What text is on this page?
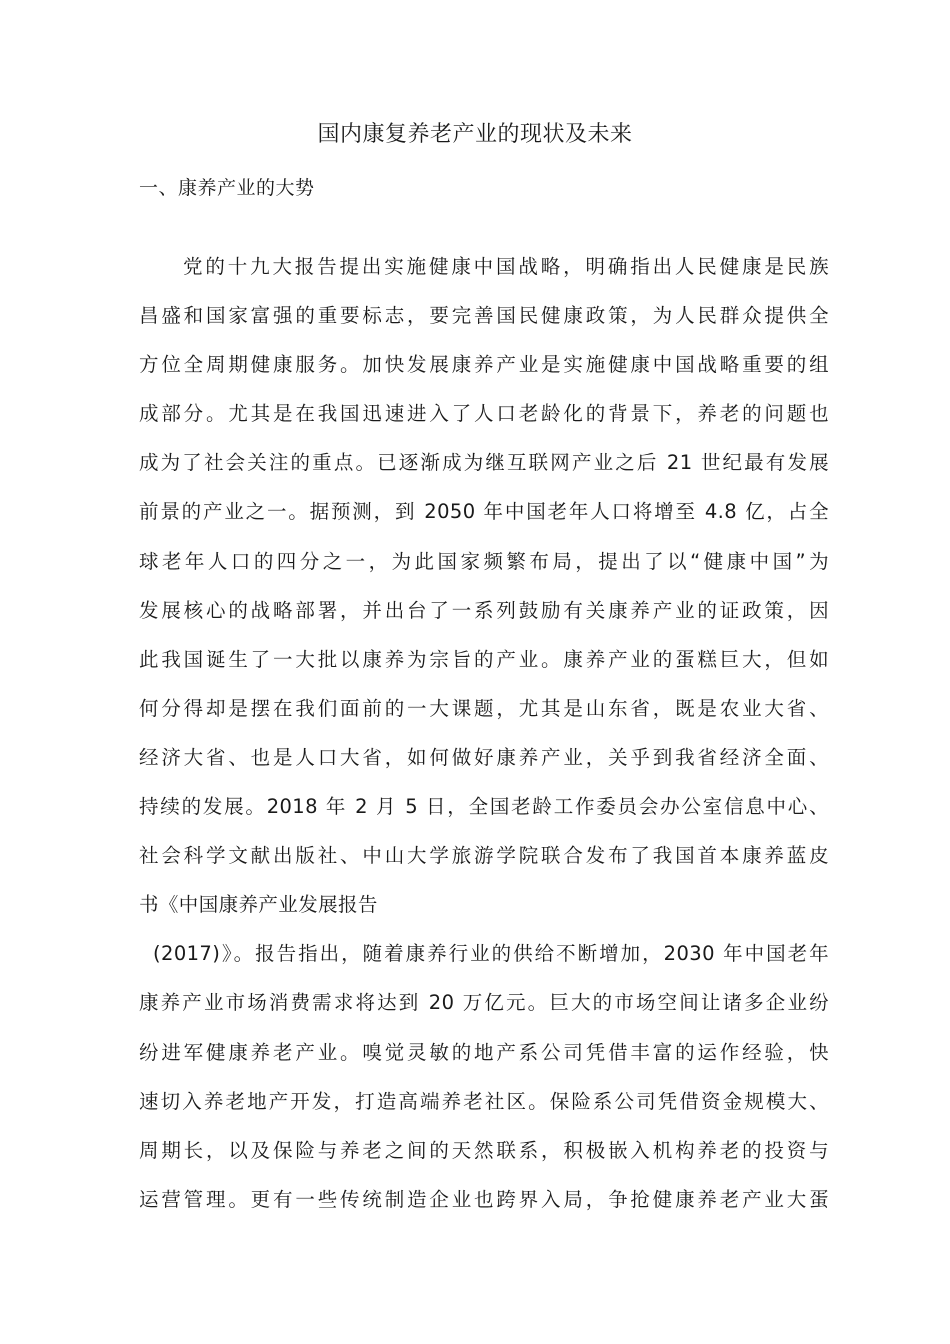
国内康复养老产业的现状及未来
一、康养产业的大势
党的十九大报告提出实施健康中国战略，明确指出人民健康是民族
昌盛和国家富强的重要标志，要完善国民健康政策，为人民群众提供全
方位全周期健康服务。加快发展康养产业是实施健康中国战略重要的组
成部分。尤其是在我国迅速进入了人口老龄化的背景下，养老的问题也
成为了社会关注的重点。已逐渐成为继互联网产业之后 21 世纪最有发展
前景的产业之一。据预测，到 2050 年中国老年人口将增至 4.8 亿，占全
球老年人口的四分之一，为此国家频繁布局，提出了以“健康中国”为
发展核心的战略部署，并出台了一系列鼓励有关康养产业的证政策，因
此我国诞生了一大批以康养为宗旨的产业。康养产业的蛋糕巨大，但如
何分得却是摆在我们面前的一大课题，尤其是山东省，既是农业大省、
经济大省、也是人口大省，如何做好康养产业，关乎到我省经济全面、
持续的发展。2018 年 2 月 5 日，全国老龄工作委员会办公室信息中心、
社会科学文献出版社、中山大学旅游学院联合发布了我国首本康养蓝皮
书《中国康养产业发展报告
(2017)》。报告指出，随着康养行业的供给不断增加，2030 年中国老年
康养产业市场消费需求将达到 20 万亿元。巨大的市场空间让诸多企业纷
纷进军健康养老产业。嗅觉灵敏的地产系公司凭借丰富的运作经验，快
速切入养老地产开发，打造高端养老社区。保险系公司凭借资金规模大、
周期长，以及保险与养老之间的天然联系，积极嵌入机构养老的投资与
运营管理。更有一些传统制造企业也跨界入局，争抢健康养老产业大蛋
